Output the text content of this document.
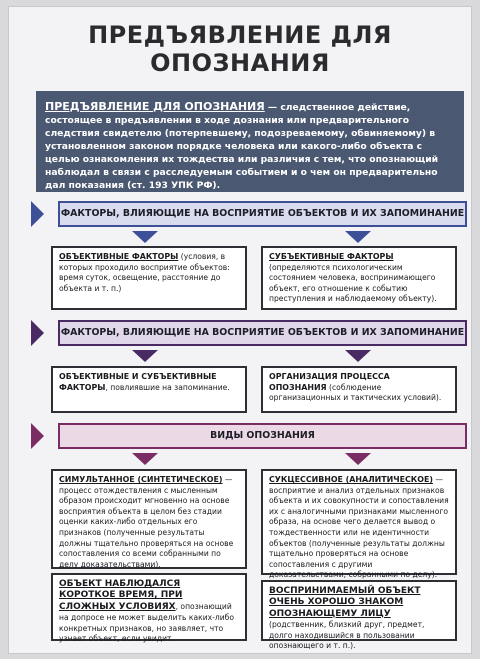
ПРЕДЪЯВЛЕНИЕ ДЛЯ ОПОЗНАНИЯ
ПРЕДЪЯВЛЕНИЕ ДЛЯ ОПОЗНАНИЯ — следственное действие, состоящее в предъявлении в ходе дознания или предварительного следствия свидетелю (потерпевшему, подозреваемому, обвиняемому) в установленном законом порядке человека или какого-либо объекта с целью ознакомления их тождества или различия с тем, что опознающий наблюдал в связи с расследуемым событием и о чем он предварительно дал показания (ст. 193 УПК РФ).
ФАКТОРЫ, ВЛИЯЮЩИЕ НА ВОСПРИЯТИЕ ОБЪЕКТОВ И ИХ ЗАПОМИНАНИЕ
ОБЪЕКТИВНЫЕ ФАКТОРЫ (условия, в которых проходило восприятие объектов: время суток, освещение, расстояние до объекта и т. п.)
СУБЪЕКТИВНЫЕ ФАКТОРЫ (определяются психологическим состоянием человека, воспринимающего объект, его отношение к событию преступления и наблюдаемому объекту).
ФАКТОРЫ, ВЛИЯЮЩИЕ НА ВОСПРИЯТИЕ ОБЪЕКТОВ И ИХ ЗАПОМИНАНИЕ
ОБЪЕКТИВНЫЕ И СУБЪЕКТИВНЫЕ ФАКТОРЫ, повлиявшие на запоминание.
ОРГАНИЗАЦИЯ ПРОЦЕССА ОПОЗНАНИЯ (соблюдение организационных и тактических условий).
ВИДЫ ОПОЗНАНИЯ
СИМУЛЬТАННОЕ (СИНТЕТИЧЕСКОЕ) — процесс отождествления с мысленным образом происходит мгновенно на основе восприятия объекта в целом без стадии оценки каких-либо отдельных его признаков (полученные результаты должны тщательно проверяться на основе сопоставления со всеми собранными по делу доказательствами).
СУКЦЕССИВНОЕ (АНАЛИТИЧЕСКОЕ) — восприятие и анализ отдельных признаков объекта и их совокупности и сопоставления их с аналогичными признаками мысленного образа, на основе чего делается вывод о тождественности или не идентичности объектов (полученные результаты должны тщательно проверяться на основе сопоставления с другими доказательствами, собранными по делу).
ОБЪЕКТ НАБЛЮДАЛСЯ КОРОТКОЕ ВРЕМЯ, ПРИ СЛОЖНЫХ УСЛОВИЯХ, опознающий на допросе не может выделить каких-либо конкретных признаков, но заявляет, что узнает объект, если увидит.
ВОСПРИНИМАЕМЫЙ ОБЪЕКТ ОЧЕНЬ ХОРОШО ЗНАКОМ ОПОЗНАЮЩЕМУ ЛИЦУ (родственник, близкий друг, предмет, долго находившийся в пользовании опознающего и т. п.).
